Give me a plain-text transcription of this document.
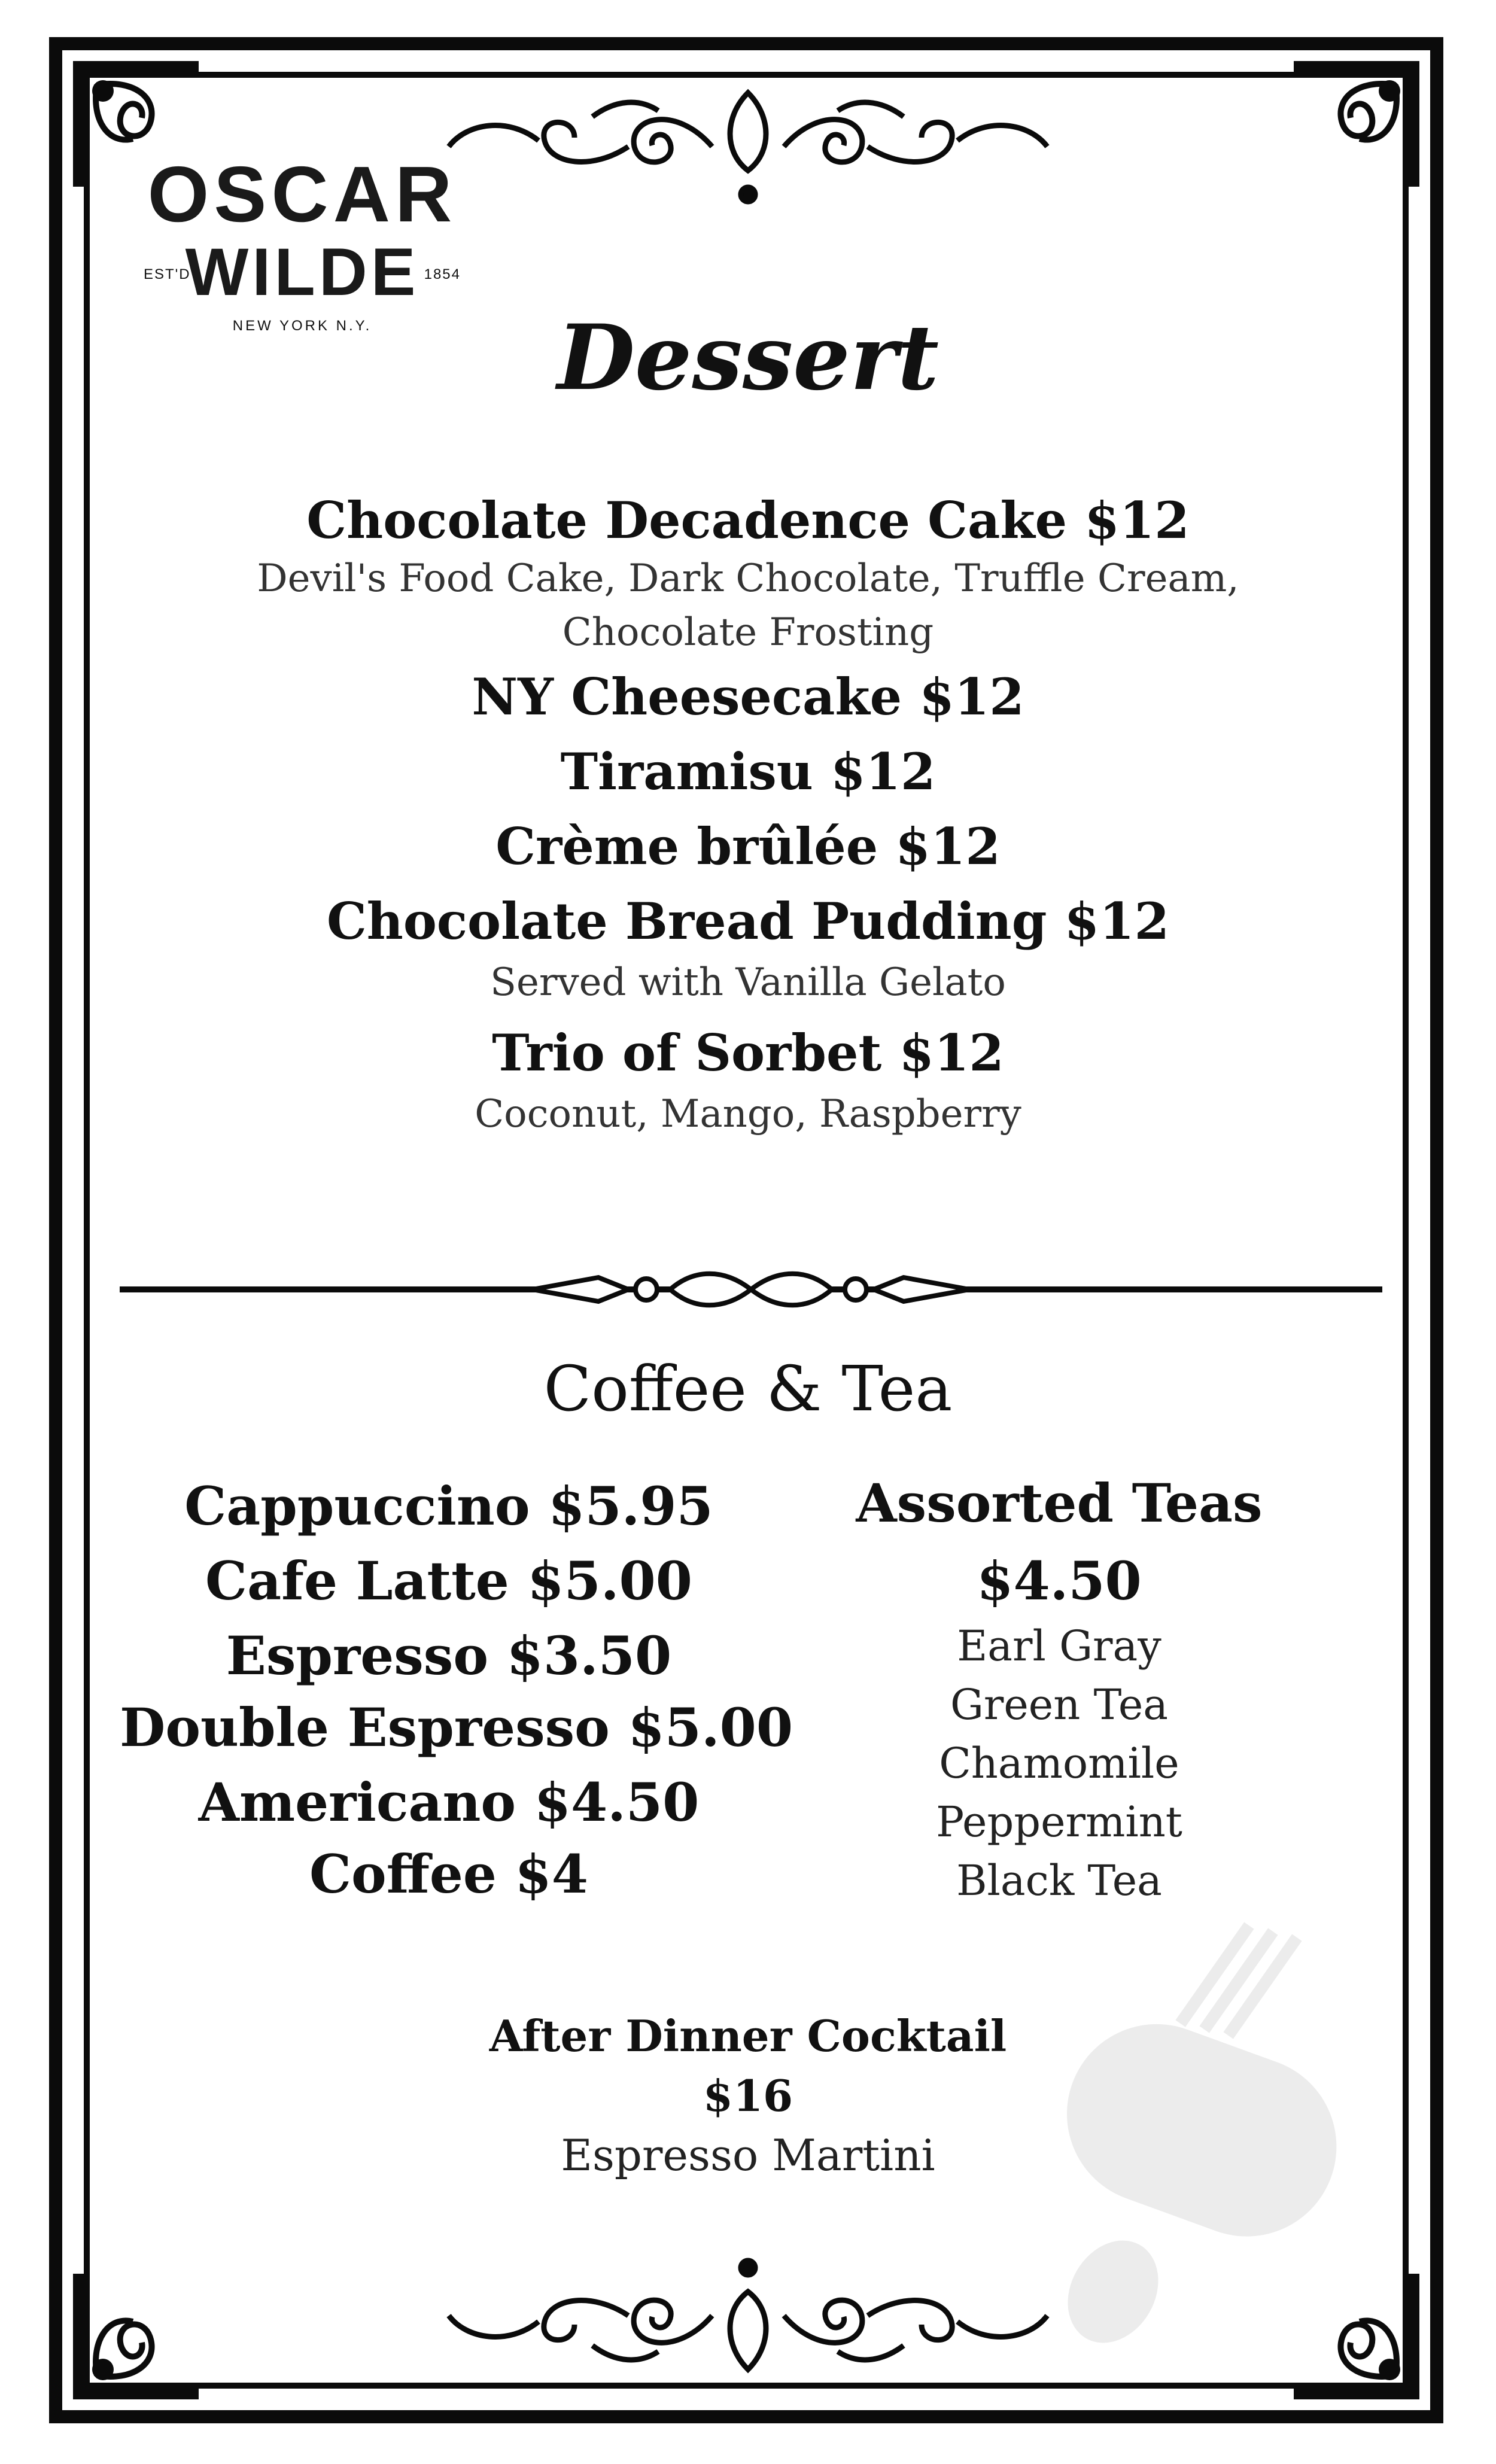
OSCAR
EST'D
WILDE 1854
NEW YORK N.Y.	Dessert
Chocolate Decadence Cake $12
Devil's Food Cake, Dark Chocolate, Truffle Cream,
Chocolate Frosting
NY Cheesecake $12
Tiramisu $12
Crème brûlée $12
Chocolate Bread Pudding $12
Served with Vanilla Gelato
Trio of Sorbet $12
Coconut, Mango, Raspberry
Coffee & Tea
Cappuccino $5.95
Cafe Latte $5.00
Espresso $3.50
Double Espresso $5.00
Americano $4.50
Coffee $4
Assorted Teas
$4.50
Earl Gray
Green Tea
Chamomile
Peppermint
Black Tea
After Dinner Cocktail
$16
Espresso Martini
